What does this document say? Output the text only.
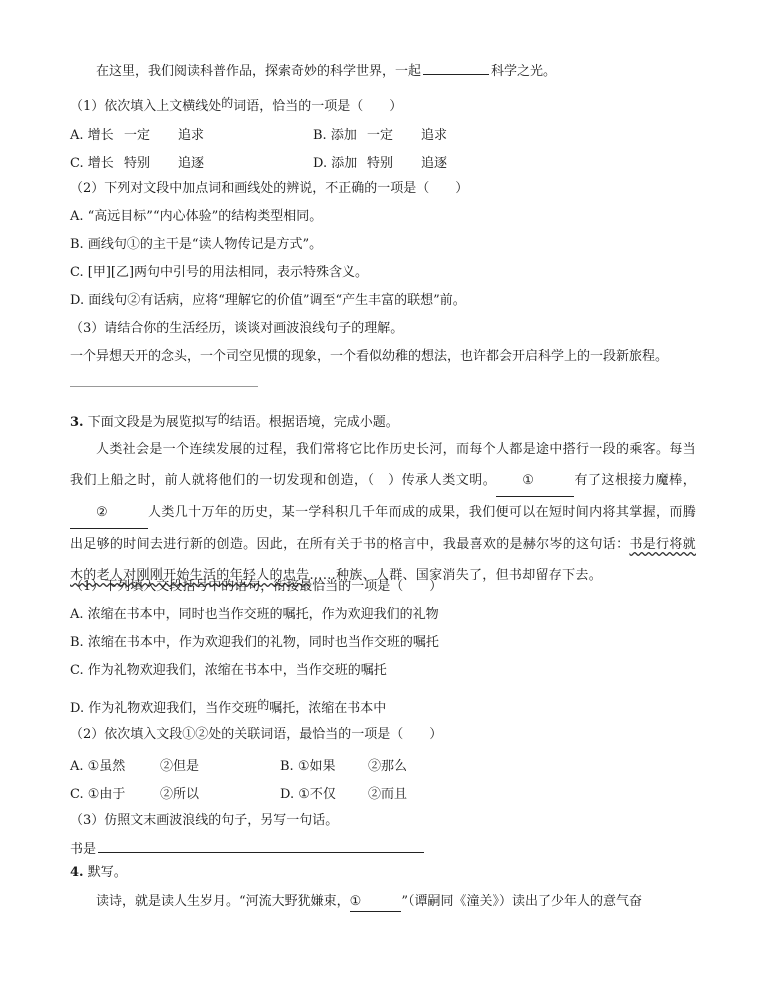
在这里，我们阅读科普作品，探索奇妙的科学世界，一起	科学之光。
（1）依次填入上文横线处的词语，恰当的一项是（　　）
A. 增长 一定 追求	B. 添加 一定 追求
C. 增长 特别 追逐	D. 添加 特别 追逐
（2）下列对文段中加点词和画线处的辨说，不正确的一项是（　　）
A. “高远目标”“内心体验”的结构类型相同。
B. 画线句①的主干是“读人物传记是方式”。
C. [甲][乙]两句中引号的用法相同，表示特殊含义。
D. 面线句②有话病，应将“理解它的价值”调至“产生丰富的联想”前。
（3）请结合你的生活经历，谈谈对画波浪线句子的理解。
一个异想天开的念头，一个司空见惯的现象，一个看似幼稚的想法，也许都会开启科学上的一段新旅程。
3. 下面文段是为展览拟写的结语。根据语境，完成小题。
人类社会是一个连续发展的过程，我们常将它比作历史长河，而每个人都是途中搭行一段的乘客。每当我们上船之时，前人就将他们的一切发现和创造，（　）传承人类文明。 ①	有了这根接力魔棒，②	人类几十万年的历史，某一学科积几千年而成的成果，我们便可以在短时间内将其掌握，而腾出足够的时间去进行新的创造。因此，在所有关于书的格言中，我最喜欢的是赫尔岑的这句话：书是行将就木的老人对刚刚开始生活的年轻人的忠告……种族、人群、国家消失了，但书却留存下去。
（1）下列填入文段括号中的语句，衔接最恰当的一项是（　　）
A. 浓缩在书本中，同时也当作交班的嘱托，作为欢迎我们的礼物
B. 浓缩在书本中，作为欢迎我们的礼物，同时也当作交班的嘱托
C. 作为礼物欢迎我们，浓缩在书本中，当作交班的嘱托
D. 作为礼物欢迎我们，当作交班的嘱托，浓缩在书本中
（2）依次填入文段①②处的关联词语，最恰当的一项是（　　）
A. ①虽然	②但是	B. ①如果	②那么
C. ①由于	②所以	D. ①不仅 ②而且
（3）仿照文末画波浪线的句子，另写一句话。
书是
4. 默写。
读诗，就是读人生岁月。“河流大野犹嫌束，①	”（谭嗣同《潼关》）读出了少年人的意气奋
